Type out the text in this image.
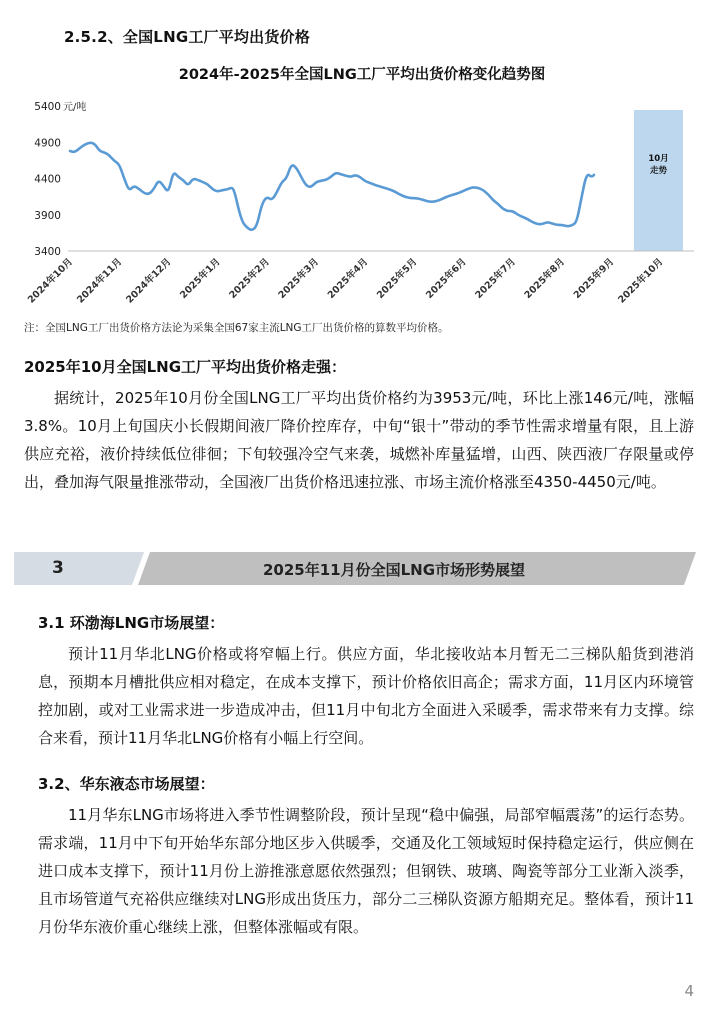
2.5.2、全国LNG工厂平均出货价格
2024年-2025年全国LNG工厂平均出货价格变化趋势图
10月
走势
3400
3900
4400
4900
5400 元/吨
2024年10月 2024年11月 2024年12月 2025年1月 2025年2月 2025年3月 2025年4月 2025年5月 2025年6月 2025年7月 2025年8月 2025年9月 2025年10月
注：全国LNG工厂出货价格方法论为采集全国67家主流LNG工厂出货价格的算数平均价格。
2025年10月全国LNG工厂平均出货价格走强：
据统计，2025年10月份全国LNG工厂平均出货价格约为3953元/吨，环比上涨146元/吨，涨幅3.8%。10月上旬国庆小长假期间液厂降价控库存，中旬“银十”带动的季节性需求增量有限，且上游供应充裕，液价持续低位徘徊；下旬较强冷空气来袭，城燃补库量猛增，山西、陕西液厂存限量或停出，叠加海气限量推涨带动，全国液厂出货价格迅速拉涨、市场主流价格涨至4350-4450元/吨。
3	2025年11月份全国LNG市场形势展望
3.1 环渤海LNG市场展望：
预计11月华北LNG价格或将窄幅上行。供应方面，华北接收站本月暂无二三梯队船货到港消息，预期本月槽批供应相对稳定，在成本支撑下，预计价格依旧高企；需求方面，11月区内环境管控加剧，或对工业需求进一步造成冲击，但11月中旬北方全面进入采暖季，需求带来有力支撑。综合来看，预计11月华北LNG价格有小幅上行空间。
3.2、华东液态市场展望：
11月华东LNG市场将进入季节性调整阶段，预计呈现“稳中偏强，局部窄幅震荡”的运行态势。需求端，11月中下旬开始华东部分地区步入供暖季，交通及化工领域短时保持稳定运行，供应侧在进口成本支撑下，预计11月份上游推涨意愿依然强烈；但钢铁、玻璃、陶瓷等部分工业渐入淡季，且市场管道气充裕供应继续对LNG形成出货压力，部分二三梯队资源方船期充足。整体看，预计11月份华东液价重心继续上涨，但整体涨幅或有限。
4
